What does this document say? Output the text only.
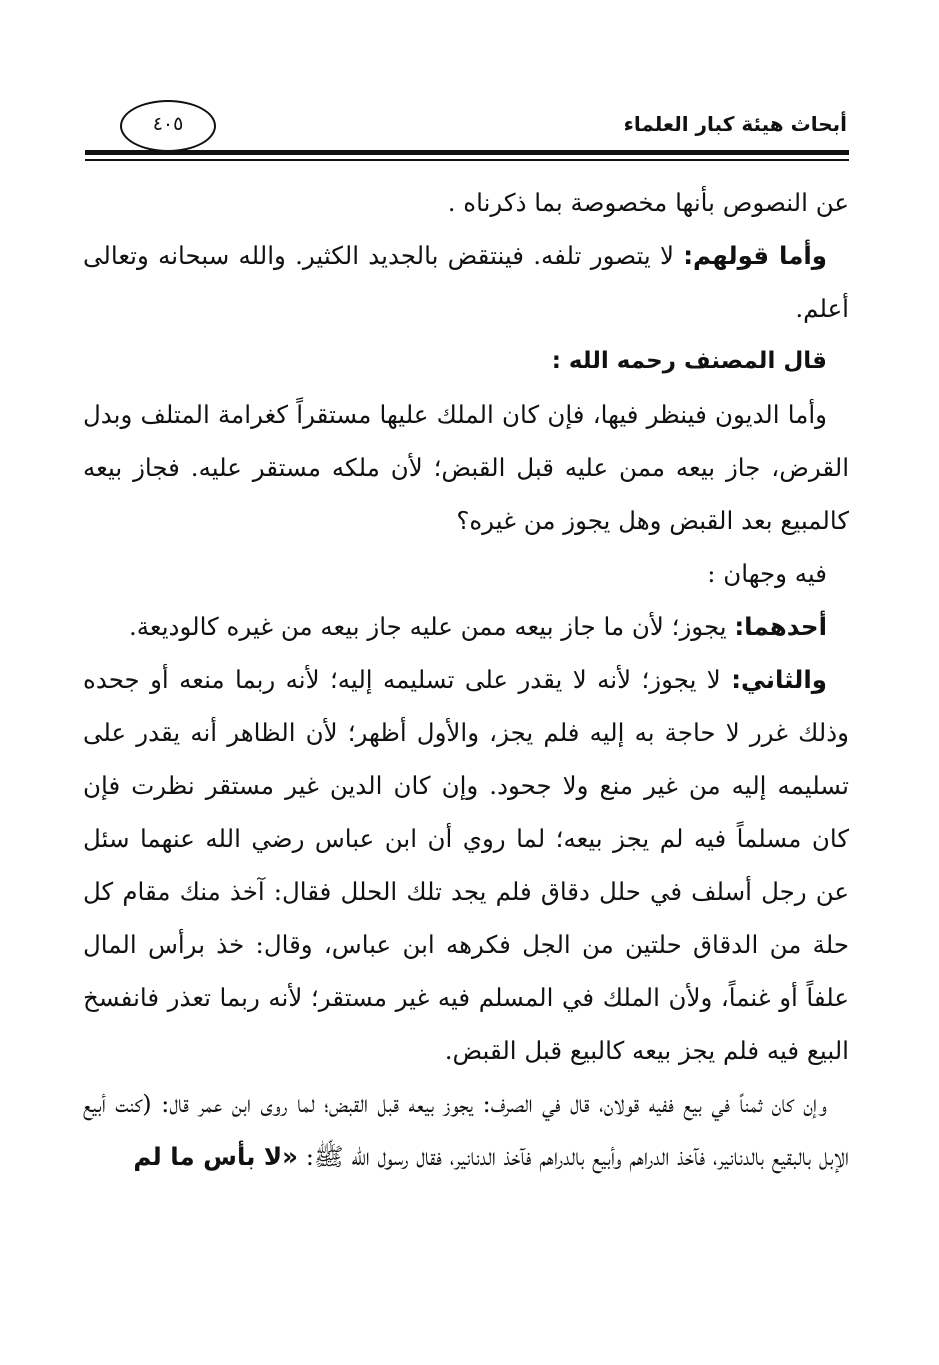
أبحاث هيئة كبار العلماء
٤٠٥

عن النصوص بأنها مخصوصة بما ذكرناه .

وأما قولهم: لا يتصور تلفه. فينتقض بالجديد الكثير. والله سبحانه وتعالى أعلم.

قال المصنف رحمه الله :

وأما الديون فينظر فيها، فإن كان الملك عليها مستقراً كغرامة المتلف وبدل القرض، جاز بيعه ممن عليه قبل القبض؛ لأن ملكه مستقر عليه. فجاز بيعه كالمبيع بعد القبض وهل يجوز من غيره؟

فيه وجهان :

أحدهما: يجوز؛ لأن ما جاز بيعه ممن عليه جاز بيعه من غيره كالوديعة.

والثاني: لا يجوز؛ لأنه لا يقدر على تسليمه إليه؛ لأنه ربما منعه أو جحده وذلك غرر لا حاجة به إليه فلم يجز، والأول أظهر؛ لأن الظاهر أنه يقدر على تسليمه إليه من غير منع ولا جحود. وإن كان الدين غير مستقر نظرت فإن كان مسلماً فيه لم يجز بيعه؛ لما روي أن ابن عباس رضي الله عنهما سئل عن رجل أسلف في حلل دقاق فلم يجد تلك الحلل فقال: آخذ منك مقام كل حلة من الدقاق حلتين من الجل فكرهه ابن عباس، وقال: خذ برأس المال علفاً أو غنماً، ولأن الملك في المسلم فيه غير مستقر؛ لأنه ربما تعذر فانفسخ البيع فيه فلم يجز بيعه كالبيع قبل القبض.

وإن كان ثمناً في بيع ففيه قولان، قال في الصرف: يجوز بيعه قبل القبض؛ لما روى ابن عمر قال: (كنت أبيع الإبل بالبقيع بالدنانير، فآخذ الدراهم وأبيع بالدراهم فآخذ الدنانير، فقال رسول الله ﷺ: «لا بأس ما لم
